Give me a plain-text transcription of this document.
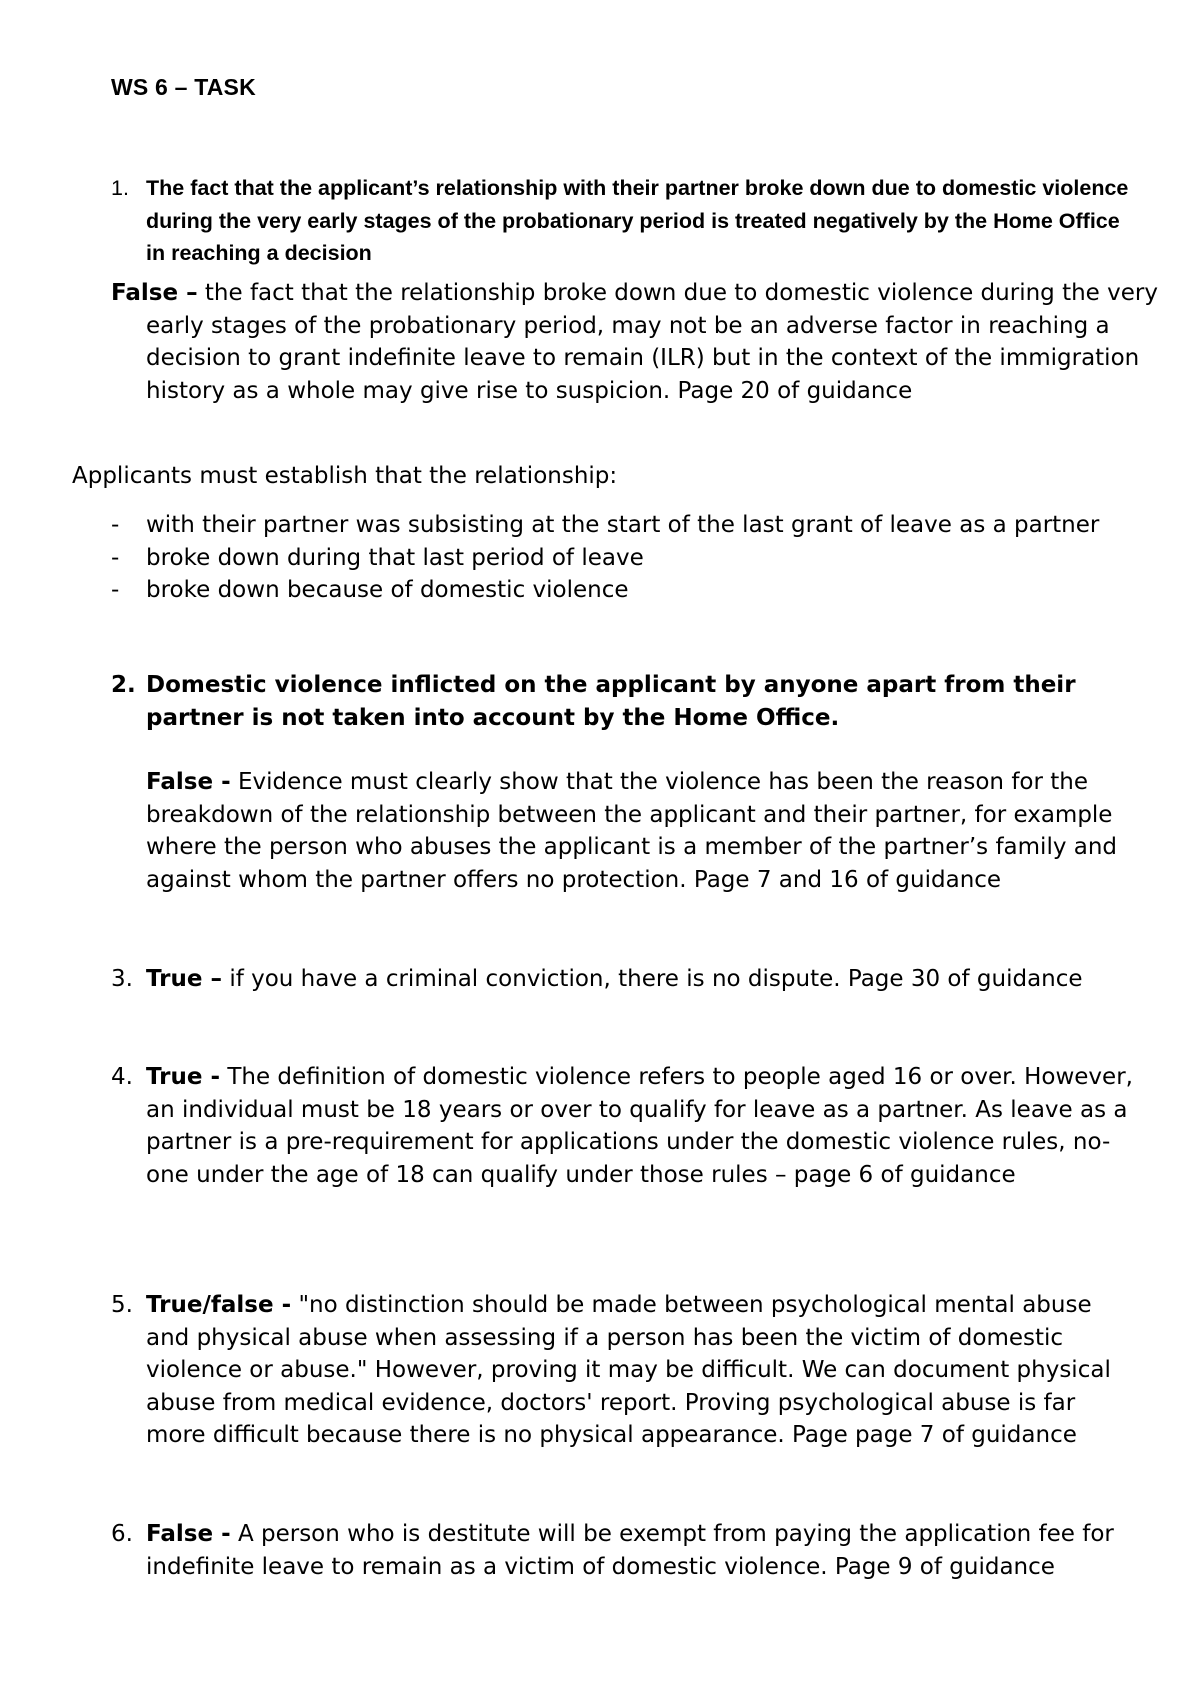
WS 6 – TASK
1. The fact that the applicant’s relationship with their partner broke down due to domestic violence during the very early stages of the probationary period is treated negatively by the Home Office in reaching a decision
False – the fact that the relationship broke down due to domestic violence during the very early stages of the probationary period, may not be an adverse factor in reaching a decision to grant indefinite leave to remain (ILR) but in the context of the immigration history as a whole may give rise to suspicion. Page 20 of guidance
Applicants must establish that the relationship:
- with their partner was subsisting at the start of the last grant of leave as a partner
- broke down during that last period of leave
- broke down because of domestic violence
2. Domestic violence inflicted on the applicant by anyone apart from their partner is not taken into account by the Home Office.
False - Evidence must clearly show that the violence has been the reason for the breakdown of the relationship between the applicant and their partner, for example where the person who abuses the applicant is a member of the partner’s family and against whom the partner offers no protection. Page 7 and 16 of guidance
3. True – if you have a criminal conviction, there is no dispute. Page 30 of guidance
4. True - The definition of domestic violence refers to people aged 16 or over. However, an individual must be 18 years or over to qualify for leave as a partner. As leave as a partner is a pre-requirement for applications under the domestic violence rules, no- one under the age of 18 can qualify under those rules – page 6 of guidance
5. True/false - "no distinction should be made between psychological mental abuse and physical abuse when assessing if a person has been the victim of domestic violence or abuse." However, proving it may be difficult. We can document physical abuse from medical evidence, doctors' report. Proving psychological abuse is far more difficult because there is no physical appearance. Page page 7 of guidance
6. False - A person who is destitute will be exempt from paying the application fee for indefinite leave to remain as a victim of domestic violence. Page 9 of guidance
